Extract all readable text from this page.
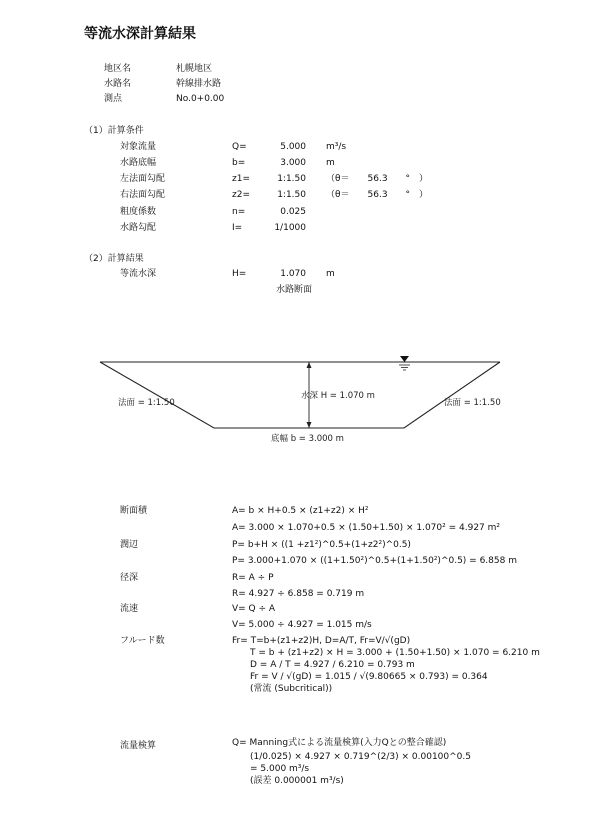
等流水深計算結果
地区名	札幌地区
水路名	幹線排水路
測点	No.0+0.00
（1）計算条件
対象流量	Q=	5.000 m³/s
水路底幅	b=	3.000 m
左法面勾配	z1=	1:1.50 （θ＝　　56.3　　°　）
右法面勾配	z2=	1:1.50 （θ＝　　56.3　　°　）
粗度係数	n=	0.025
水路勾配	I=	1/1000
（2）計算結果
等流水深	H=	1.070 m
水路断面
水深 H = 1.070 m
法面 = 1:1.50	法面 = 1:1.50
底幅 b = 3.000 m
断面積	A= b × H+0.5 × (z1+z2) × H²
A= 3.000 × 1.070+0.5 × (1.50+1.50) × 1.070² = 4.927 m²
潤辺	P= b+H × ((1 +z1²)^0.5+(1+z2²)^0.5)
P= 3.000+1.070 × ((1+1.50²)^0.5+(1+1.50²)^0.5) = 6.858 m
径深	R= A ÷ P
R= 4.927 ÷ 6.858 = 0.719 m
流速	V= Q ÷ A
V= 5.000 ÷ 4.927 = 1.015 m/s
フルード数	Fr= T=b+(z1+z2)H, D=A/T, Fr=V/√(gD)
T = b + (z1+z2) × H = 3.000 + (1.50+1.50) × 1.070 = 6.210 m
D = A / T = 4.927 / 6.210 = 0.793 m
Fr = V / √(gD) = 1.015 / √(9.80665 × 0.793) = 0.364
(常流 (Subcritical))
流量検算	Q= Manning式による流量検算(入力Qとの整合確認)
(1/0.025) × 4.927 × 0.719^(2/3) × 0.00100^0.5
= 5.000 m³/s
(誤差 0.000001 m³/s)
